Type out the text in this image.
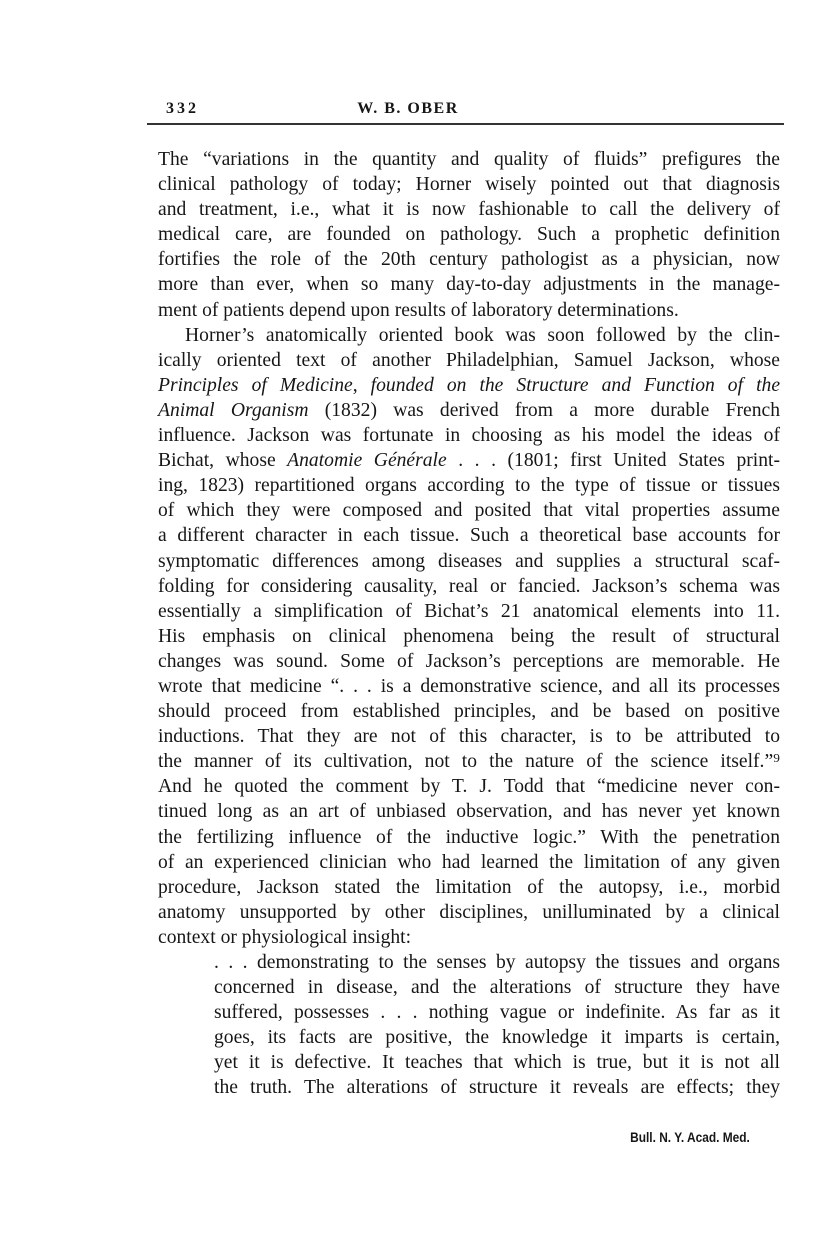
332	W. B. OBER
The “variations in the quantity and quality of fluids” prefigures the
clinical pathology of today; Horner wisely pointed out that diagnosis
and treatment, i.e., what it is now fashionable to call the delivery of
medical care, are founded on pathology. Such a prophetic definition
fortifies the role of the 20th century pathologist as a physician, now
more than ever, when so many day-to-day adjustments in the manage-
ment of patients depend upon results of laboratory determinations.
Horner’s anatomically oriented book was soon followed by the clin-
ically oriented text of another Philadelphian, Samuel Jackson, whose
Principles of Medicine, founded on the Structure and Function of the
Animal Organism (1832) was derived from a more durable French
influence. Jackson was fortunate in choosing as his model the ideas of
Bichat, whose Anatomie Générale . . . (1801; first United States print-
ing, 1823) repartitioned organs according to the type of tissue or tissues
of which they were composed and posited that vital properties assume
a different character in each tissue. Such a theoretical base accounts for
symptomatic differences among diseases and supplies a structural scaf-
folding for considering causality, real or fancied. Jackson’s schema was
essentially a simplification of Bichat’s 21 anatomical elements into 11.
His emphasis on clinical phenomena being the result of structural
changes was sound. Some of Jackson’s perceptions are memorable. He
wrote that medicine “. . . is a demonstrative science, and all its processes
should proceed from established principles, and be based on positive
inductions. That they are not of this character, is to be attributed to
the manner of its cultivation, not to the nature of the science itself.”⁹
And he quoted the comment by T. J. Todd that “medicine never con-
tinued long as an art of unbiased observation, and has never yet known
the fertilizing influence of the inductive logic.” With the penetration
of an experienced clinician who had learned the limitation of any given
procedure, Jackson stated the limitation of the autopsy, i.e., morbid
anatomy unsupported by other disciplines, unilluminated by a clinical
context or physiological insight:
. . . demonstrating to the senses by autopsy the tissues and organs
concerned in disease, and the alterations of structure they have
suffered, possesses . . . nothing vague or indefinite. As far as it
goes, its facts are positive, the knowledge it imparts is certain,
yet it is defective. It teaches that which is true, but it is not all
the truth. The alterations of structure it reveals are effects; they
Bull. N. Y. Acad. Med.
